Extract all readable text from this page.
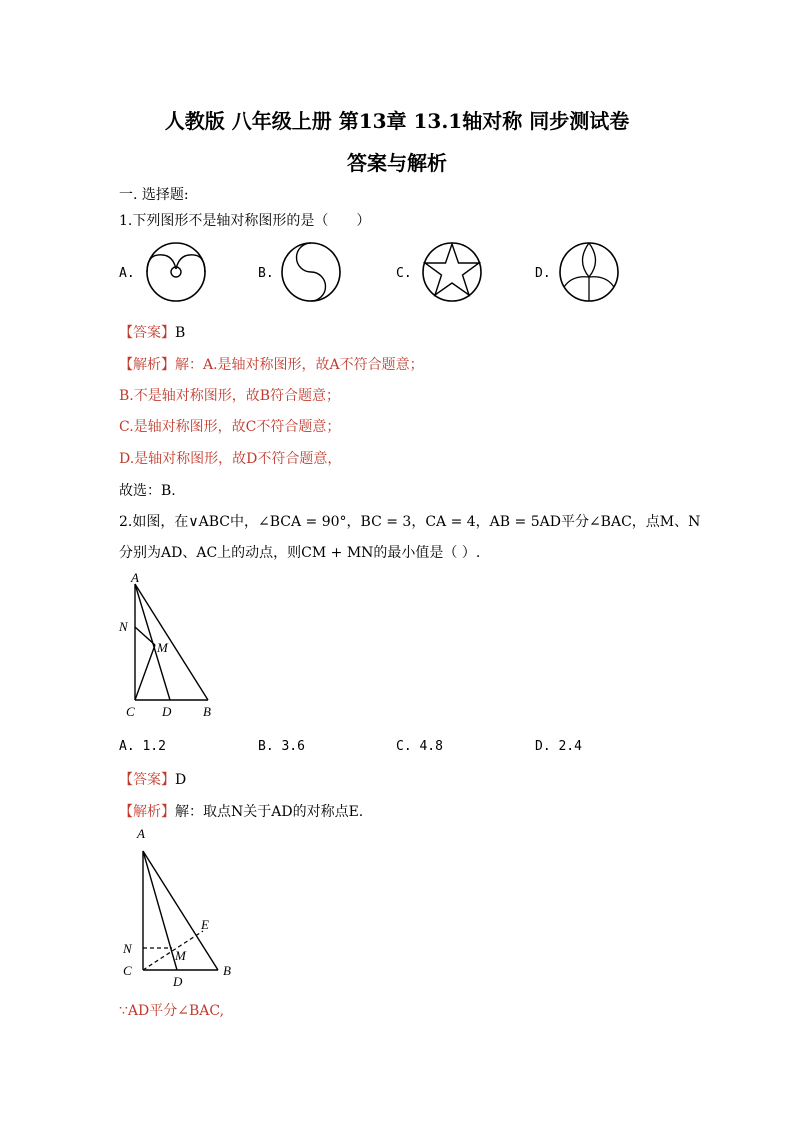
人教版 八年级上册 第13章 13.1轴对称 同步测试卷
答案与解析
一. 选择题:
1.下列图形不是轴对称图形的是（　　）
A.	B.	C.	D.
【答案】B
【解析】解：A.是轴对称图形，故A不符合题意；
B.不是轴对称图形，故B符合题意；
C.是轴对称图形，故C不符合题意；
D.是轴对称图形，故D不符合题意，
故选：B.
2.如图，在∨ABC中，∠BCA = 90°，BC = 3，CA = 4，AB = 5AD平分∠BAC，点M、N
分别为AD、AC上的动点，则CM + MN的最小值是（ ）.
A
N
M
C D B
A. 1.2	B. 3.6	C. 4.8	D. 2.4
【答案】D
【解析】解：取点N关于AD的对称点E.
A
E
N	M
C
D
B
∵AD平分∠BAC,
